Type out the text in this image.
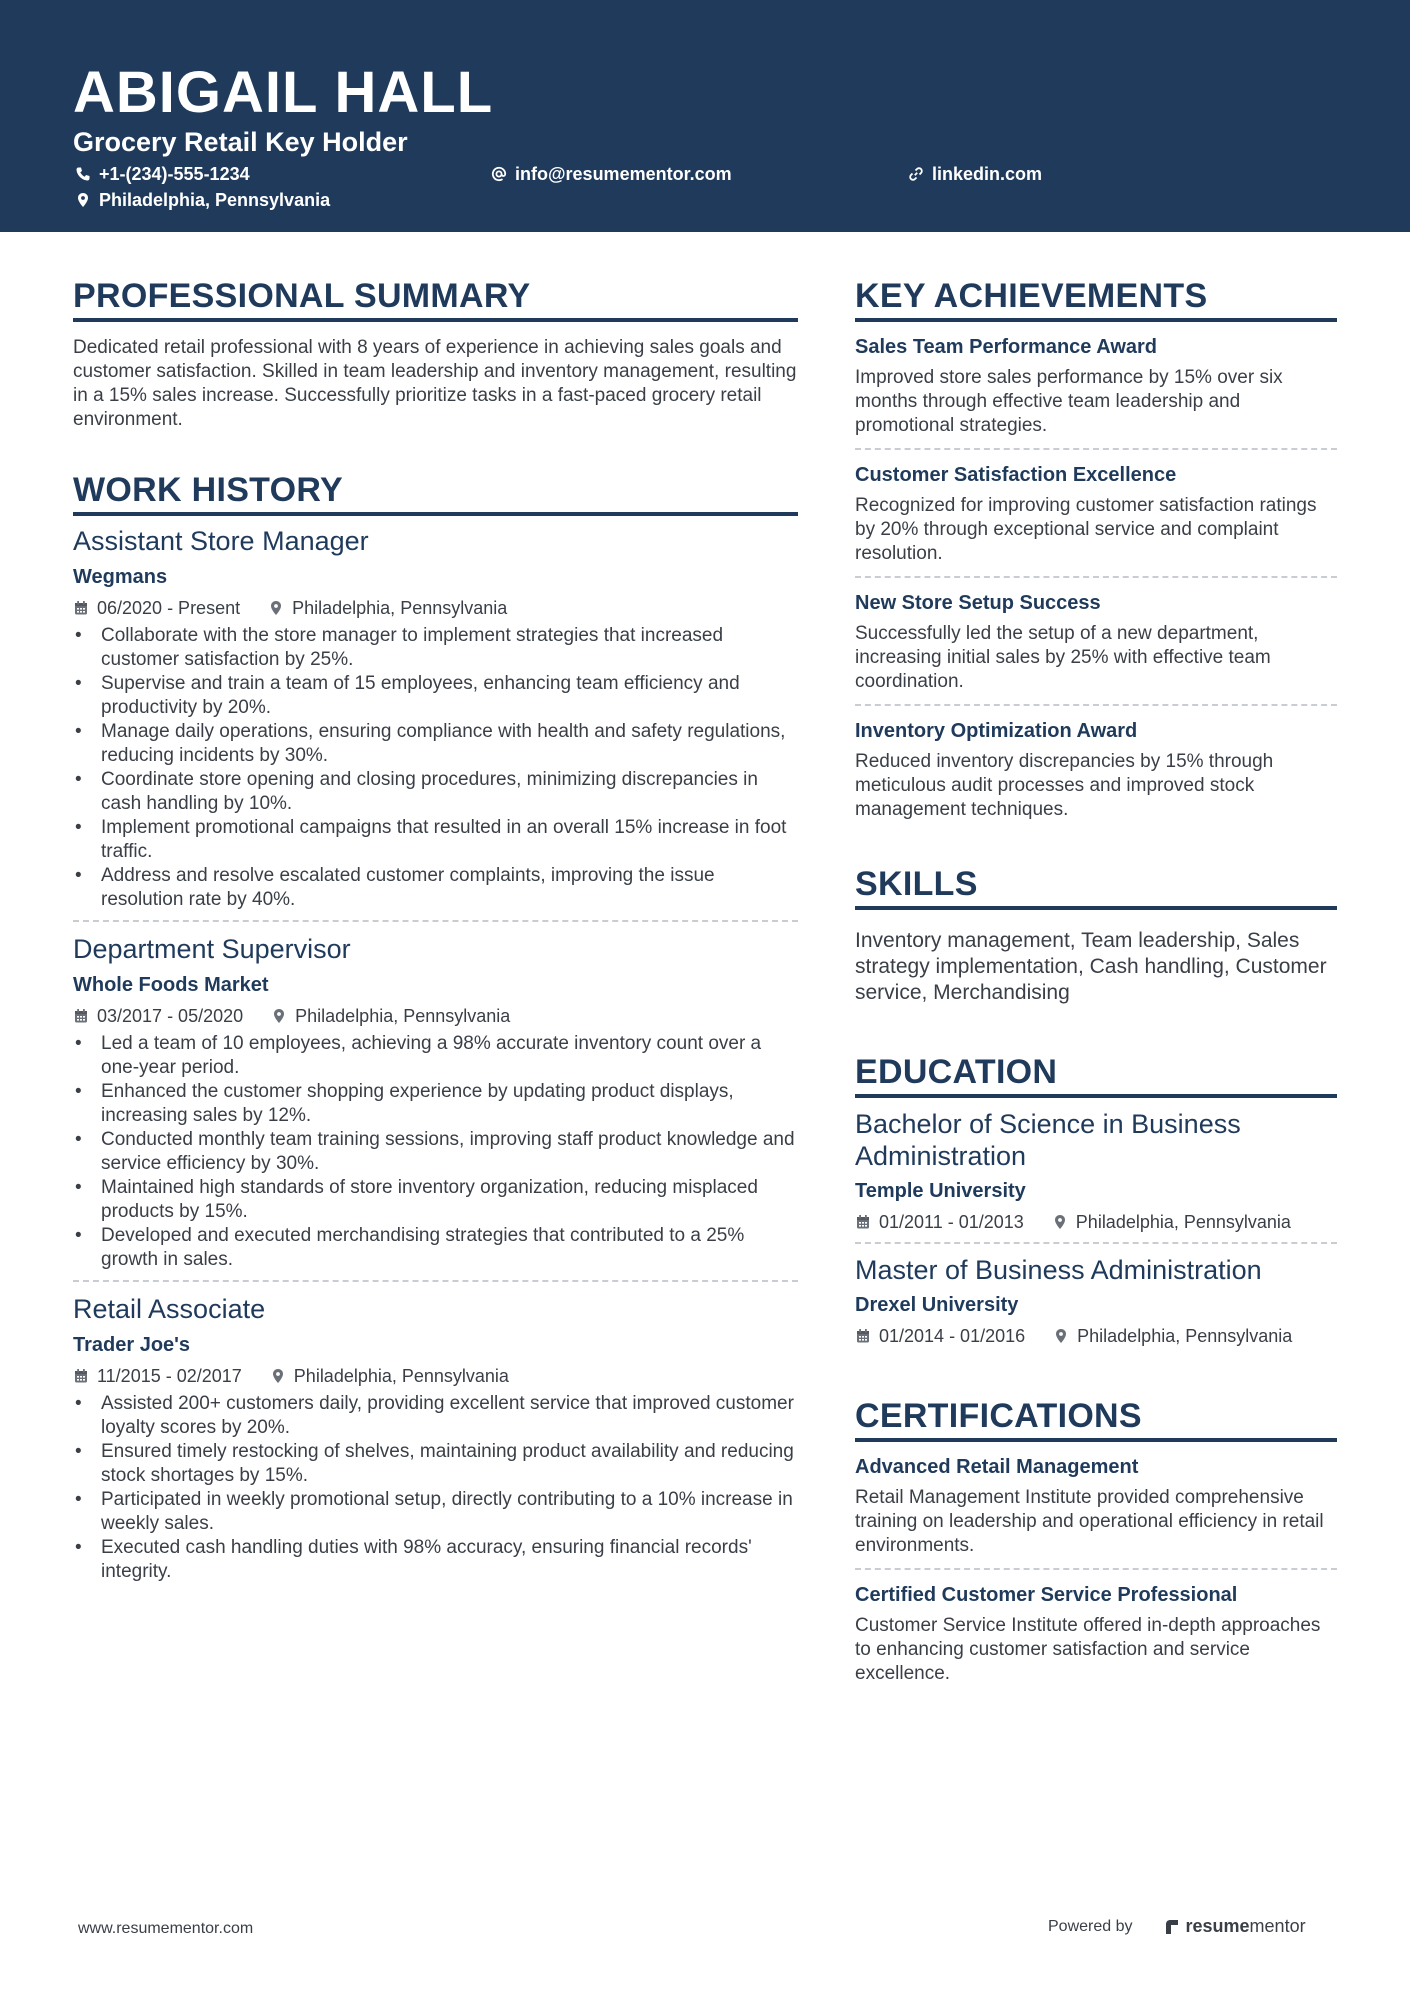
ABIGAIL HALL
Grocery Retail Key Holder
+1-(234)-555-1234	info@resumementor.com	linkedin.com
Philadelphia, Pennsylvania
PROFESSIONAL SUMMARY
Dedicated retail professional with 8 years of experience in achieving sales goals and customer satisfaction. Skilled in team leadership and inventory management, resulting in a 15% sales increase. Successfully prioritize tasks in a fast-paced grocery retail environment.
WORK HISTORY
Assistant Store Manager
Wegmans
06/2020 - Present	Philadelphia, Pennsylvania
• Collaborate with the store manager to implement strategies that increased customer satisfaction by 25%.
• Supervise and train a team of 15 employees, enhancing team efficiency and productivity by 20%.
• Manage daily operations, ensuring compliance with health and safety regulations, reducing incidents by 30%.
• Coordinate store opening and closing procedures, minimizing discrepancies in cash handling by 10%.
• Implement promotional campaigns that resulted in an overall 15% increase in foot traffic.
• Address and resolve escalated customer complaints, improving the issue resolution rate by 40%.
Department Supervisor
Whole Foods Market
03/2017 - 05/2020	Philadelphia, Pennsylvania
• Led a team of 10 employees, achieving a 98% accurate inventory count over a one-year period.
• Enhanced the customer shopping experience by updating product displays, increasing sales by 12%.
• Conducted monthly team training sessions, improving staff product knowledge and service efficiency by 30%.
• Maintained high standards of store inventory organization, reducing misplaced products by 15%.
• Developed and executed merchandising strategies that contributed to a 25% growth in sales.
Retail Associate
Trader Joe's
11/2015 - 02/2017	Philadelphia, Pennsylvania
• Assisted 200+ customers daily, providing excellent service that improved customer loyalty scores by 20%.
• Ensured timely restocking of shelves, maintaining product availability and reducing stock shortages by 15%.
• Participated in weekly promotional setup, directly contributing to a 10% increase in weekly sales.
• Executed cash handling duties with 98% accuracy, ensuring financial records' integrity.
KEY ACHIEVEMENTS
Sales Team Performance Award
Improved store sales performance by 15% over six months through effective team leadership and promotional strategies.
Customer Satisfaction Excellence
Recognized for improving customer satisfaction ratings by 20% through exceptional service and complaint resolution.
New Store Setup Success
Successfully led the setup of a new department, increasing initial sales by 25% with effective team coordination.
Inventory Optimization Award
Reduced inventory discrepancies by 15% through meticulous audit processes and improved stock management techniques.
SKILLS
Inventory management, Team leadership, Sales strategy implementation, Cash handling, Customer service, Merchandising
EDUCATION
Bachelor of Science in Business Administration
Temple University
01/2011 - 01/2013	Philadelphia, Pennsylvania
Master of Business Administration
Drexel University
01/2014 - 01/2016	Philadelphia, Pennsylvania
CERTIFICATIONS
Advanced Retail Management
Retail Management Institute provided comprehensive training on leadership and operational efficiency in retail environments.
Certified Customer Service Professional
Customer Service Institute offered in-depth approaches to enhancing customer satisfaction and service excellence.
www.resumementor.com	Powered by	resume mentor
